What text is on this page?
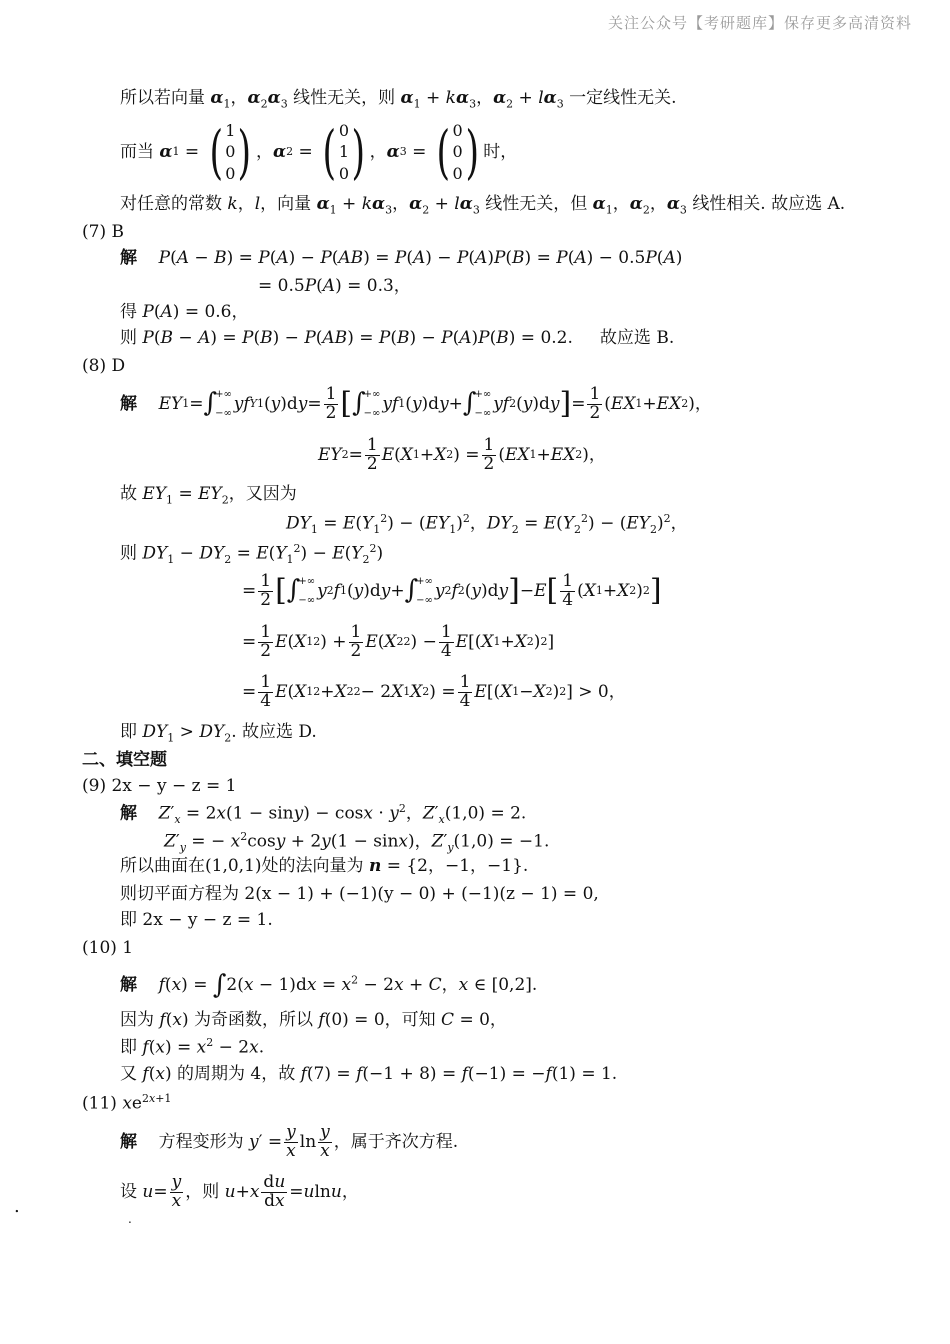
关注公众号【考研题库】保存更多高清资料
所以若向量 $\alpha_1$，$\alpha_2\alpha_3$ 线性无关，则 $\alpha_1 + k\alpha_3$，$\alpha_2 + l\alpha_3$ 一定线性无关.
而当
α 1 = ( 1
0
0 ) ， α 2 = ( 0
1
0 ) ， α 3 = ( 0
0
0 ) 时，
对任意的常数 k，l，向量 $\alpha_1 + k\alpha_3$，$\alpha_2 + l\alpha_3$ 线性无关，但 $\alpha_1$，$\alpha_2$，$\alpha_3$ 线性相关. 故应选 A.
(7) B
解 P(A − B) = P(A) − P(AB) = P(A) − P(A)P(B) = P(A) − 0.5P(A)
= 0.5P(A) = 0.3，
得 P(A) = 0.6，
则 P(B − A) = P(B) − P(AB) = P(B) − P(A)P(B) = 0.2.     故应选 B.
(8) D
解
EY 1 = ∫
+∞
−∞ yf Y1 ( y )d $y = \frac{1}{2}$ [ ∫
+∞
−∞ yf 1 ( y )d y + ∫
+∞
−∞ yf 2 ( y )d y ] = $\frac{1}{2}$ ( EX 1 + EX 2 )，
EY $2 = \frac{1}{2}$ E ( X 1 + X 2 ) = $\frac{1}{2}$ ( EX 1 + EX 2 )，
故 $EY_1 = EY_2$，又因为
$DY_1 = E(Y_1^2) - (EY_1)^2$，$DY_2 = E(Y_2^2) - (EY_2)^2$，
则 $DY_1 - DY_2 = E(Y_1^2) - E(Y_2^2)$
= $\frac{1}{2}$ [ ∫
+∞
−∞ y 2 f 1 ( y )d y + ∫
+∞
−∞ y 2 f 2 ( y )d y ] − E [ $\frac{1}{4}$ ( X 1 + X 2 ) 2 ]
= $\frac{1}{2}$ E ( X 1 2 ) + $\frac{1}{2}$ E ( X 2 2 ) − $\frac{1}{4}$ E [( X 1 + X 2 ) 2 ]
= $\frac{1}{4}$ E ( X 1 2 + X 2 2 − 2 X 1 X 2 ) = $\frac{1}{4}$ E [( X 1 − X 2 ) 2 ] > 0，
即 $DY_1 > DY_2$. 故应选 D.
二、填空题
(9) 2x − y − z = 1
解 $Z'_x = 2x(1 - \sin y) - \cos x \cdot y^2$，$Z'_x(1,0) = 2$.
$Z'_y$ = − $x^2\cos y + 2y(1 - \sin x)$，$Z'_y(1,0) = -1$.
所以曲面在(1,0,1)处的法向量为 n = {2，−1，−1}.
则切平面方程为 2(x − 1) + (−1)(y − 0) + (−1)(z − 1) = 0,
即 2x − y − z = 1.
(10) 1
解 $f(x) = \int 2(x - 1)dx = x^2 - 2x + C$，x ∈ [0,2].
因为 f(x) 为奇函数，所以 f(0) = 0，可知 C = 0，
即 $f(x) = x^2 - 2x$.
又 f(x) 的周期为 4，故 f(7) = f(−1 + 8) = f(−1) = −f(1) = 1.
(11) $xe^{2x+1}$
解
方程变形为
y ′ = $\frac{y}{x}$ $\ln \frac{y}{x}$ ，属于齐次方程.
设
$u = \frac{y}{x}$ ，则
u + x $\frac{du}{dx} = u$ ln u ，
.
.
